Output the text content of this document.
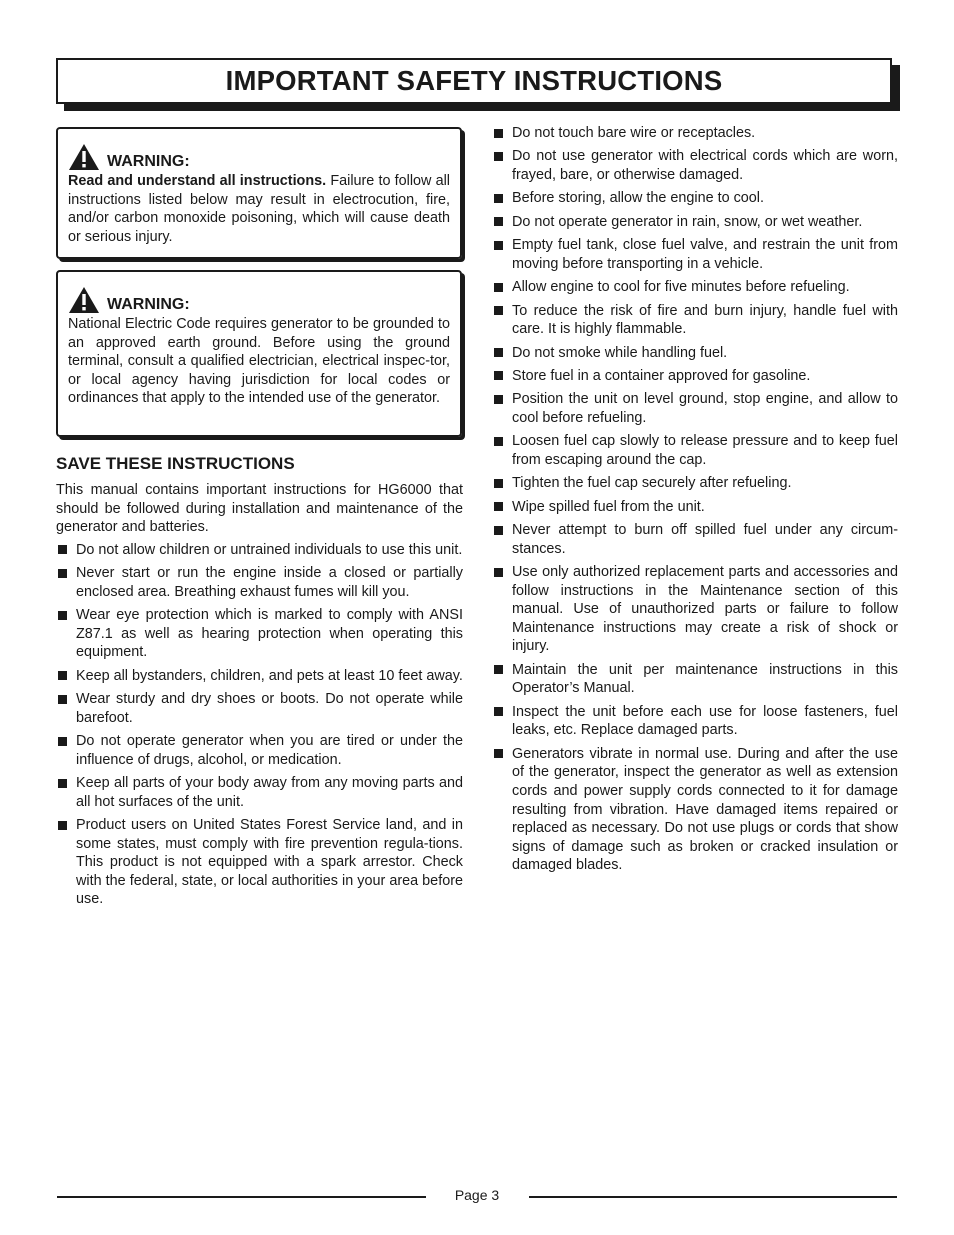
IMPORTANT SAFETY INSTRUCTIONS
WARNING:
Read and understand all instructions. Failure to follow all instructions listed below may result in electrocution, fire, and/or carbon monoxide poisoning, which will cause death or serious injury.
WARNING:
National Electric Code requires generator to be grounded to an approved earth ground. Before using the ground terminal, consult a qualified electrician, electrical inspec-tor, or local agency having jurisdiction for local codes or ordinances that apply to the intended use of the generator.
SAVE THESE INSTRUCTIONS
This manual contains important instructions for HG6000 that should be followed during installation and maintenance of the generator and batteries.
Do not allow children or untrained individuals to use this unit.
Never start or run the engine inside a closed or partially enclosed area. Breathing exhaust fumes will kill you.
Wear eye protection which is marked to comply with ANSI Z87.1 as well as hearing protection when operating this equipment.
Keep all bystanders, children, and pets at least 10 feet away.
Wear sturdy and dry shoes or boots. Do not operate while barefoot.
Do not operate generator when you are tired or under the influence of drugs, alcohol, or medication.
Keep all parts of your body away from any moving parts and all hot surfaces of the unit.
Product users on United States Forest Service land, and in some states, must comply with fire prevention regula-tions. This product is not equipped with a spark arrestor. Check with the federal, state, or local authorities in your area before use.
Do not touch bare wire or receptacles.
Do not use generator with electrical cords which are worn, frayed, bare, or otherwise damaged.
Before storing, allow the engine to cool.
Do not operate generator in rain, snow, or wet weather.
Empty fuel tank, close fuel valve, and restrain the unit from moving before transporting in a vehicle.
Allow engine to cool for five minutes before refueling.
To reduce the risk of fire and burn injury, handle fuel with care. It is highly flammable.
Do not smoke while handling fuel.
Store fuel in a container approved for gasoline.
Position the unit on level ground, stop engine, and allow to cool before refueling.
Loosen fuel cap slowly to release pressure and to keep fuel from escaping around the cap.
Tighten the fuel cap securely after refueling.
Wipe spilled fuel from the unit.
Never attempt to burn off spilled fuel under any circum-stances.
Use only authorized replacement parts and accessories and follow instructions in the Maintenance section of this manual. Use of unauthorized parts or failure to follow Maintenance instructions may create a risk of shock or injury.
Maintain the unit per maintenance instructions in this Operator’s Manual.
Inspect the unit before each use for loose fasteners, fuel leaks, etc. Replace damaged parts.
Generators vibrate in normal use. During and after the use of the generator, inspect the generator as well as extension cords and power supply cords connected to it for damage resulting from vibration. Have damaged items repaired or replaced as necessary. Do not use plugs or cords that show signs of damage such as broken or cracked insulation or damaged blades.
Page 3
